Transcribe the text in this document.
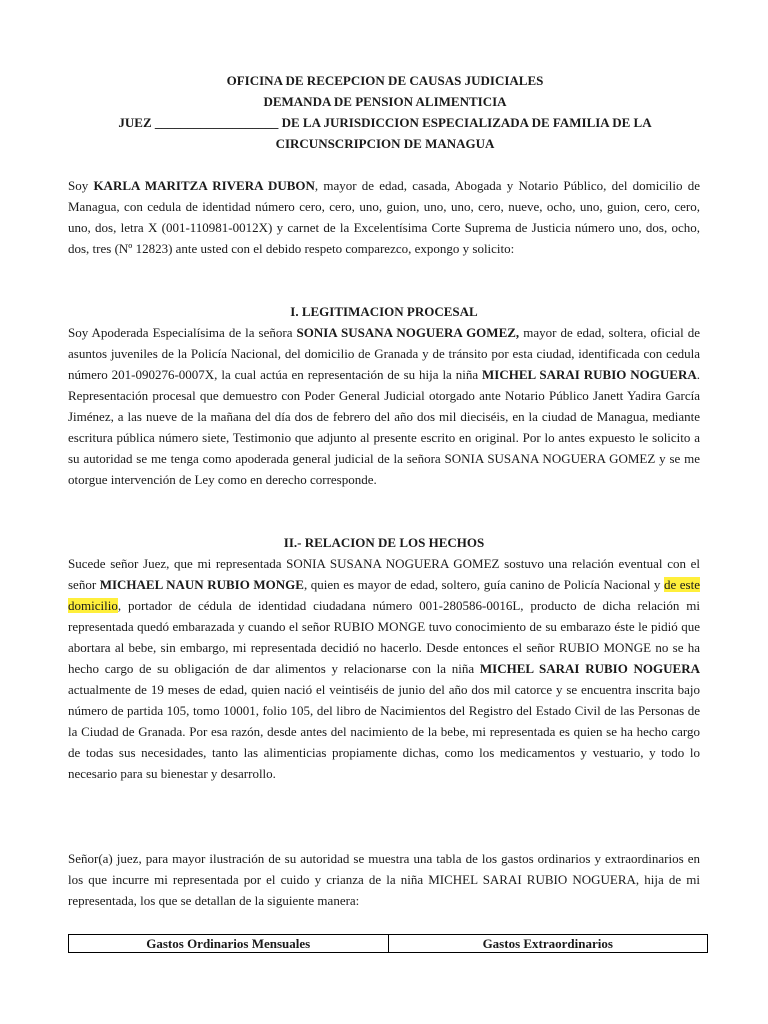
OFICINA DE RECEPCION DE CAUSAS JUDICIALES
DEMANDA DE PENSION ALIMENTICIA
JUEZ ___________________ DE LA JURISDICCION ESPECIALIZADA DE FAMILIA DE LA
CIRCUNSCRIPCION DE MANAGUA
Soy KARLA MARITZA RIVERA DUBON, mayor de edad, casada, Abogada y Notario Público, del domicilio de Managua, con cedula de identidad número cero, cero, uno, guion, uno, uno, cero, nueve, ocho, uno, guion, cero, cero, uno, dos, letra X (001-110981-0012X) y carnet de la Excelentísima Corte Suprema de Justicia número uno, dos, ocho, dos, tres (Nº 12823) ante usted con el debido respeto comparezco, expongo y solicito:
I. LEGITIMACION PROCESAL
Soy Apoderada Especialísima de la señora SONIA SUSANA NOGUERA GOMEZ, mayor de edad, soltera, oficial de asuntos juveniles de la Policía Nacional, del domicilio de Granada y de tránsito por esta ciudad, identificada con cedula número 201-090276-0007X, la cual actúa en representación de su hija la niña MICHEL SARAI RUBIO NOGUERA. Representación procesal que demuestro con Poder General Judicial otorgado ante Notario Público Janett Yadira García Jiménez, a las nueve de la mañana del día dos de febrero del año dos mil dieciséis, en la ciudad de Managua, mediante escritura pública número siete, Testimonio que adjunto al presente escrito en original. Por lo antes expuesto le solicito a su autoridad se me tenga como apoderada general judicial de la señora SONIA SUSANA NOGUERA GOMEZ y se me otorgue intervención de Ley como en derecho corresponde.
II.- RELACION DE LOS HECHOS
Sucede señor Juez, que mi representada SONIA SUSANA NOGUERA GOMEZ sostuvo una relación eventual con el señor MICHAEL NAUN RUBIO MONGE, quien es mayor de edad, soltero, guía canino de Policía Nacional y de este domicilio, portador de cédula de identidad ciudadana número 001-280586-0016L, producto de dicha relación mi representada quedó embarazada y cuando el señor RUBIO MONGE tuvo conocimiento de su embarazo éste le pidió que abortara al bebe, sin embargo, mi representada decidió no hacerlo. Desde entonces el señor RUBIO MONGE no se ha hecho cargo de su obligación de dar alimentos y relacionarse con la niña MICHEL SARAI RUBIO NOGUERA actualmente de 19 meses de edad, quien nació el veintiséis de junio del año dos mil catorce y se encuentra inscrita bajo número de partida 105, tomo 10001, folio 105, del libro de Nacimientos del Registro del Estado Civil de las Personas de la Ciudad de Granada. Por esa razón, desde antes del nacimiento de la bebe, mi representada es quien se ha hecho cargo de todas sus necesidades, tanto las alimenticias propiamente dichas, como los medicamentos y vestuario, y todo lo necesario para su bienestar y desarrollo.
Señor(a) juez, para mayor ilustración de su autoridad se muestra una tabla de los gastos ordinarios y extraordinarios en los que incurre mi representada por el cuido y crianza de la niña MICHEL SARAI RUBIO NOGUERA, hija de mi representada, los que se detallan de la siguiente manera:
Gastos Ordinarios Mensuales	Gastos Extraordinarios
